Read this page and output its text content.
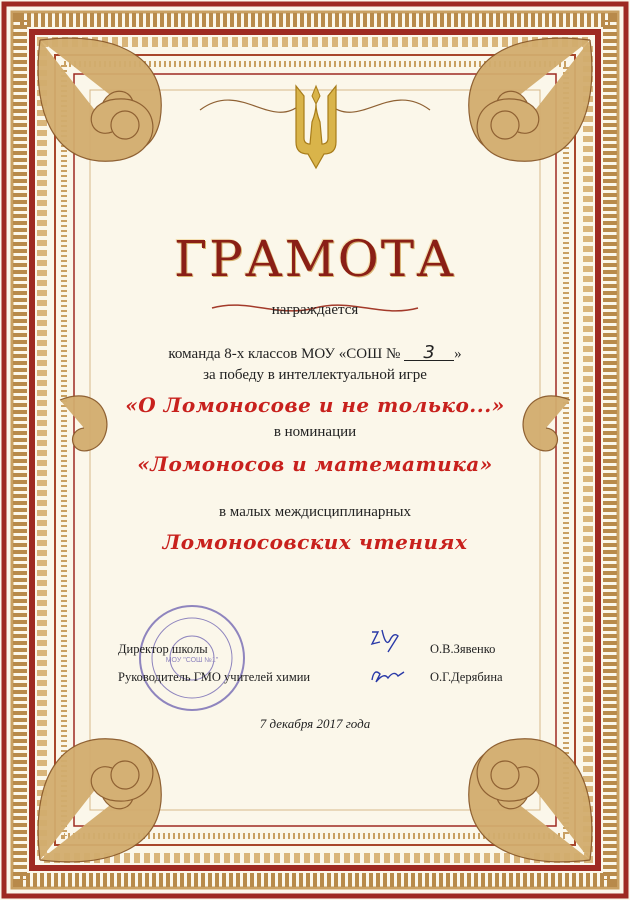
ГРАМОТА
награждается
команда 8-х классов МОУ «СОШ № 3 »
за победу в интеллектуальной игре
«О Ломоносове и не только...»
в номинации
«Ломоносов и математика»
в малых междисциплинарных
Ломоносовских чтениях
МОУ "СОШ №1"
Директор школы	О.В.Зявенко
Руководитель ГМО учителей химии	О.Г.Дерябина
7 декабря 2017 года
